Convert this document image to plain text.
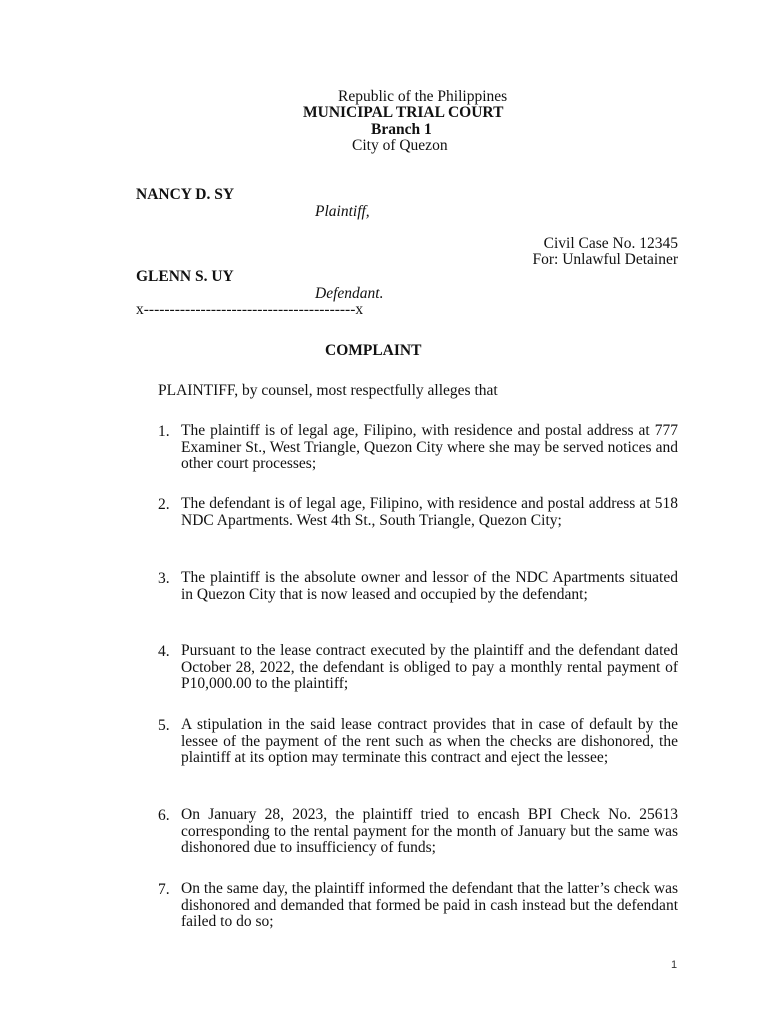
Republic of the Philippines
MUNICIPAL TRIAL COURT
Branch 1
City of Quezon
NANCY D. SY
Plaintiff,
Civil Case No. 12345
For: Unlawful Detainer
GLENN S. UY
Defendant.
x-----------------------------------------x
COMPLAINT
PLAINTIFF, by counsel, most respectfully alleges that
1. The plaintiff is of legal age, Filipino, with residence and postal address at 777 Examiner St., West Triangle, Quezon City where she may be served notices and other court processes;
2. The defendant is of legal age, Filipino, with residence and postal address at 518 NDC Apartments. West 4th St., South Triangle, Quezon City;
3. The plaintiff is the absolute owner and lessor of the NDC Apartments situated in Quezon City that is now leased and occupied by the defendant;
4. Pursuant to the lease contract executed by the plaintiff and the defendant dated October 28, 2022, the defendant is obliged to pay a monthly rental payment of P10,000.00 to the plaintiff;
5. A stipulation in the said lease contract provides that in case of default by the lessee of the payment of the rent such as when the checks are dishonored, the plaintiff at its option may terminate this contract and eject the lessee;
6. On January 28, 2023, the plaintiff tried to encash BPI Check No. 25613 corresponding to the rental payment for the month of January but the same was dishonored due to insufficiency of funds;
7. On the same day, the plaintiff informed the defendant that the latter’s check was dishonored and demanded that formed be paid in cash instead but the defendant failed to do so;
1
